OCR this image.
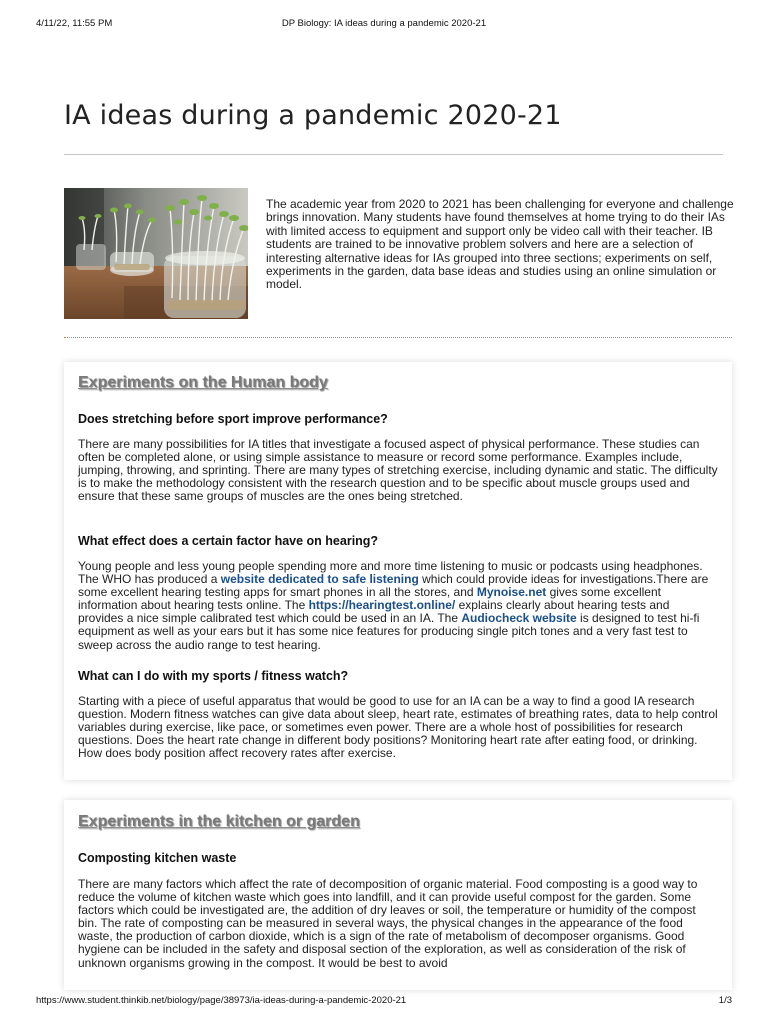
4/11/22, 11:55 PM	DP Biology: IA ideas during a pandemic 2020-21
IA ideas during a pandemic 2020-21

The academic year from 2020 to 2021 has been challenging for everyone and challenge brings innovation. Many students have found themselves at home trying to do their IAs with limited access to equipment and support only be video call with their teacher. IB students are trained to be innovative problem solvers and here are a selection of interesting alternative ideas for IAs grouped into three sections; experiments on self, experiments in the garden, data base ideas and studies using an online simulation or model.

Experiments on the Human body
Does stretching before sport improve performance?

There are many possibilities for IA titles that investigate a focused aspect of physical performance. These studies can often be completed alone, or using simple assistance to measure or record some performance. Examples include, jumping, throwing, and sprinting. There are many types of stretching exercise, including dynamic and static. The difficulty is to make the methodology consistent with the research question and to be specific about muscle groups used and ensure that these same groups of muscles are the ones being stretched.

What effect does a certain factor have on hearing?

Young people and less young people spending more and more time listening to music or podcasts using headphones. The WHO has produced a website dedicated to safe listening which could provide ideas for investigations.There are some excellent hearing testing apps for smart phones in all the stores, and Mynoise.net gives some excellent information about hearing tests online. The https://hearingtest.online/ explains clearly about hearing tests and provides a nice simple calibrated test which could be used in an IA. The Audiocheck website is designed to test hi-fi equipment as well as your ears but it has some nice features for producing single pitch tones and a very fast test to sweep across the audio range to test hearing.

What can I do with my sports / fitness watch?

Starting with a piece of useful apparatus that would be good to use for an IA can be a way to find a good IA research question. Modern fitness watches can give data about sleep, heart rate, estimates of breathing rates, data to help control variables during exercise, like pace, or sometimes even power. There are a whole host of possibilities for research questions. Does the heart rate change in different body positions? Monitoring heart rate after eating food, or drinking. How does body position affect recovery rates after exercise.

Experiments in the kitchen or garden
Composting kitchen waste

There are many factors which affect the rate of decomposition of organic material. Food composting is a good way to reduce the volume of kitchen waste which goes into landfill, and it can provide useful compost for the garden. Some factors which could be investigated are, the addition of dry leaves or soil, the temperature or humidity of the compost bin. The rate of composting can be measured in several ways, the physical changes in the appearance of the food waste, the production of carbon dioxide, which is a sign of the rate of metabolism of decomposer organisms. Good hygiene can be included in the safety and disposal section of the exploration, as well as consideration of the risk of unknown organisms growing in the compost. It would be best to avoid

https://www.student.thinkib.net/biology/page/38973/ia-ideas-during-a-pandemic-2020-21	1/3
